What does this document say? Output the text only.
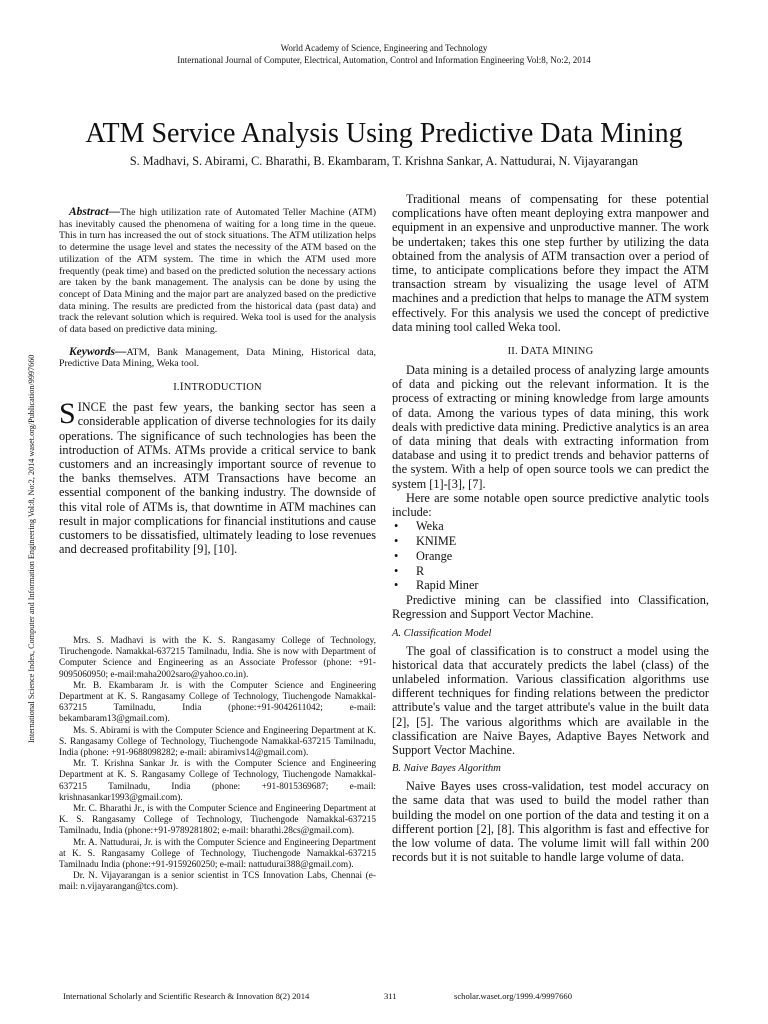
World Academy of Science, Engineering and Technology
International Journal of Computer, Electrical, Automation, Control and Information Engineering Vol:8, No:2, 2014
International Science Index, Computer and Information Engineering Vol:8, No:2, 2014 waset.org/Publication/9997660
ATM Service Analysis Using Predictive Data Mining
S. Madhavi, S. Abirami, C. Bharathi, B. Ekambaram, T. Krishna Sankar, A. Nattudurai, N. Vijayarangan
Abstract—The high utilization rate of Automated Teller Machine (ATM) has inevitably caused the phenomena of waiting for a long time in the queue. This in turn has increased the out of stock situations. The ATM utilization helps to determine the usage level and states the necessity of the ATM based on the utilization of the ATM system. The time in which the ATM used more frequently (peak time) and based on the predicted solution the necessary actions are taken by the bank management. The analysis can be done by using the concept of Data Mining and the major part are analyzed based on the predictive data mining. The results are predicted from the historical data (past data) and track the relevant solution which is required. Weka tool is used for the analysis of data based on predictive data mining.
Keywords—ATM, Bank Management, Data Mining, Historical data, Predictive Data Mining, Weka tool.
I.INTRODUCTION
SINCE the past few years, the banking sector has seen a considerable application of diverse technologies for its daily operations. The significance of such technologies has been the introduction of ATMs. ATMs provide a critical service to bank customers and an increasingly important source of revenue to the banks themselves. ATM Transactions have become an essential component of the banking industry. The downside of this vital role of ATMs is, that downtime in ATM machines can result in major complications for financial institutions and cause customers to be dissatisfied, ultimately leading to lose revenues and decreased profitability [9], [10].

Mrs. S. Madhavi is with the K. S. Rangasamy College of Technology, Tiruchengode. Namakkal-637215 Tamilnadu, India. She is now with Department of Computer Science and Engineering as an Associate Professor (phone: +91-9095060950; e-mail:maha2002saro@yahoo.co.in).

Mr. B. Ekambaram Jr. is with the Computer Science and Engineering Department at K. S. Rangasamy College of Technology, Tiuchengode Namakkal-637215 Tamilnadu, India (phone:+91-9042611042; e-mail: bekambaram13@gmail.com).

Ms. S. Abirami is with the Computer Science and Engineering Department at K. S. Rangasamy College of Technology, Tiuchengode Namakkal-637215 Tamilnadu, India (phone: +91-9688098282; e-mail: abiramivs14@gmail.com).

Mr. T. Krishna Sankar Jr. is with the Computer Science and Engineering Department at K. S. Rangasamy College of Technology, Tiuchengode Namakkal-637215 Tamilnadu, India (phone: +91-8015369687; e-mail: krishnasankar1993@gmail.com).

Mr. C. Bharathi Jr., is with the Computer Science and Engineering Department at K. S. Rangasamy College of Technology, Tiuchengode Namakkal-637215 Tamilnadu, India (phone:+91-9789281802; e-mail: bharathi.28cs@gmail.com).

Mr. A. Nattudurai, Jr. is with the Computer Science and Engineering Department at K. S. Rangasamy College of Technology, Tiuchengode Namakkal-637215 Tamilnadu India (phone:+91-9159260250; e-mail: nattudurai388@gmail.com).

Dr. N. Vijayarangan is a senior scientist in TCS Innovation Labs, Chennai (e-mail: n.vijayarangan@tcs.com).

Traditional means of compensating for these potential complications have often meant deploying extra manpower and equipment in an expensive and unproductive manner. The work be undertaken; takes this one step further by utilizing the data obtained from the analysis of ATM transaction over a period of time, to anticipate complications before they impact the ATM transaction stream by visualizing the usage level of ATM machines and a prediction that helps to manage the ATM system effectively. For this analysis we used the concept of predictive data mining tool called Weka tool.
II. DATA MINING
Data mining is a detailed process of analyzing large amounts of data and picking out the relevant information. It is the process of extracting or mining knowledge from large amounts of data. Among the various types of data mining, this work deals with predictive data mining. Predictive analytics is an area of data mining that deals with extracting information from database and using it to predict trends and behavior patterns of the system. With a help of open source tools we can predict the system [1]-[3], [7].
Here are some notable open source predictive analytic tools include:
• Weka
• KNIME
• Orange
• R
• Rapid Miner
Predictive mining can be classified into Classification, Regression and Support Vector Machine.
A. Classification Model
The goal of classification is to construct a model using the historical data that accurately predicts the label (class) of the unlabeled information. Various classification algorithms use different techniques for finding relations between the predictor attribute's value and the target attribute's value in the built data [2], [5]. The various algorithms which are available in the classification are Naive Bayes, Adaptive Bayes Network and Support Vector Machine.
B. Naive Bayes Algorithm
Naive Bayes uses cross-validation, test model accuracy on the same data that was used to build the model rather than building the model on one portion of the data and testing it on a different portion [2], [8]. This algorithm is fast and effective for the low volume of data. The volume limit will fall within 200 records but it is not suitable to handle large volume of data.
International Scholarly and Scientific Research & Innovation 8(2) 2014	311	scholar.waset.org/1999.4/9997660
